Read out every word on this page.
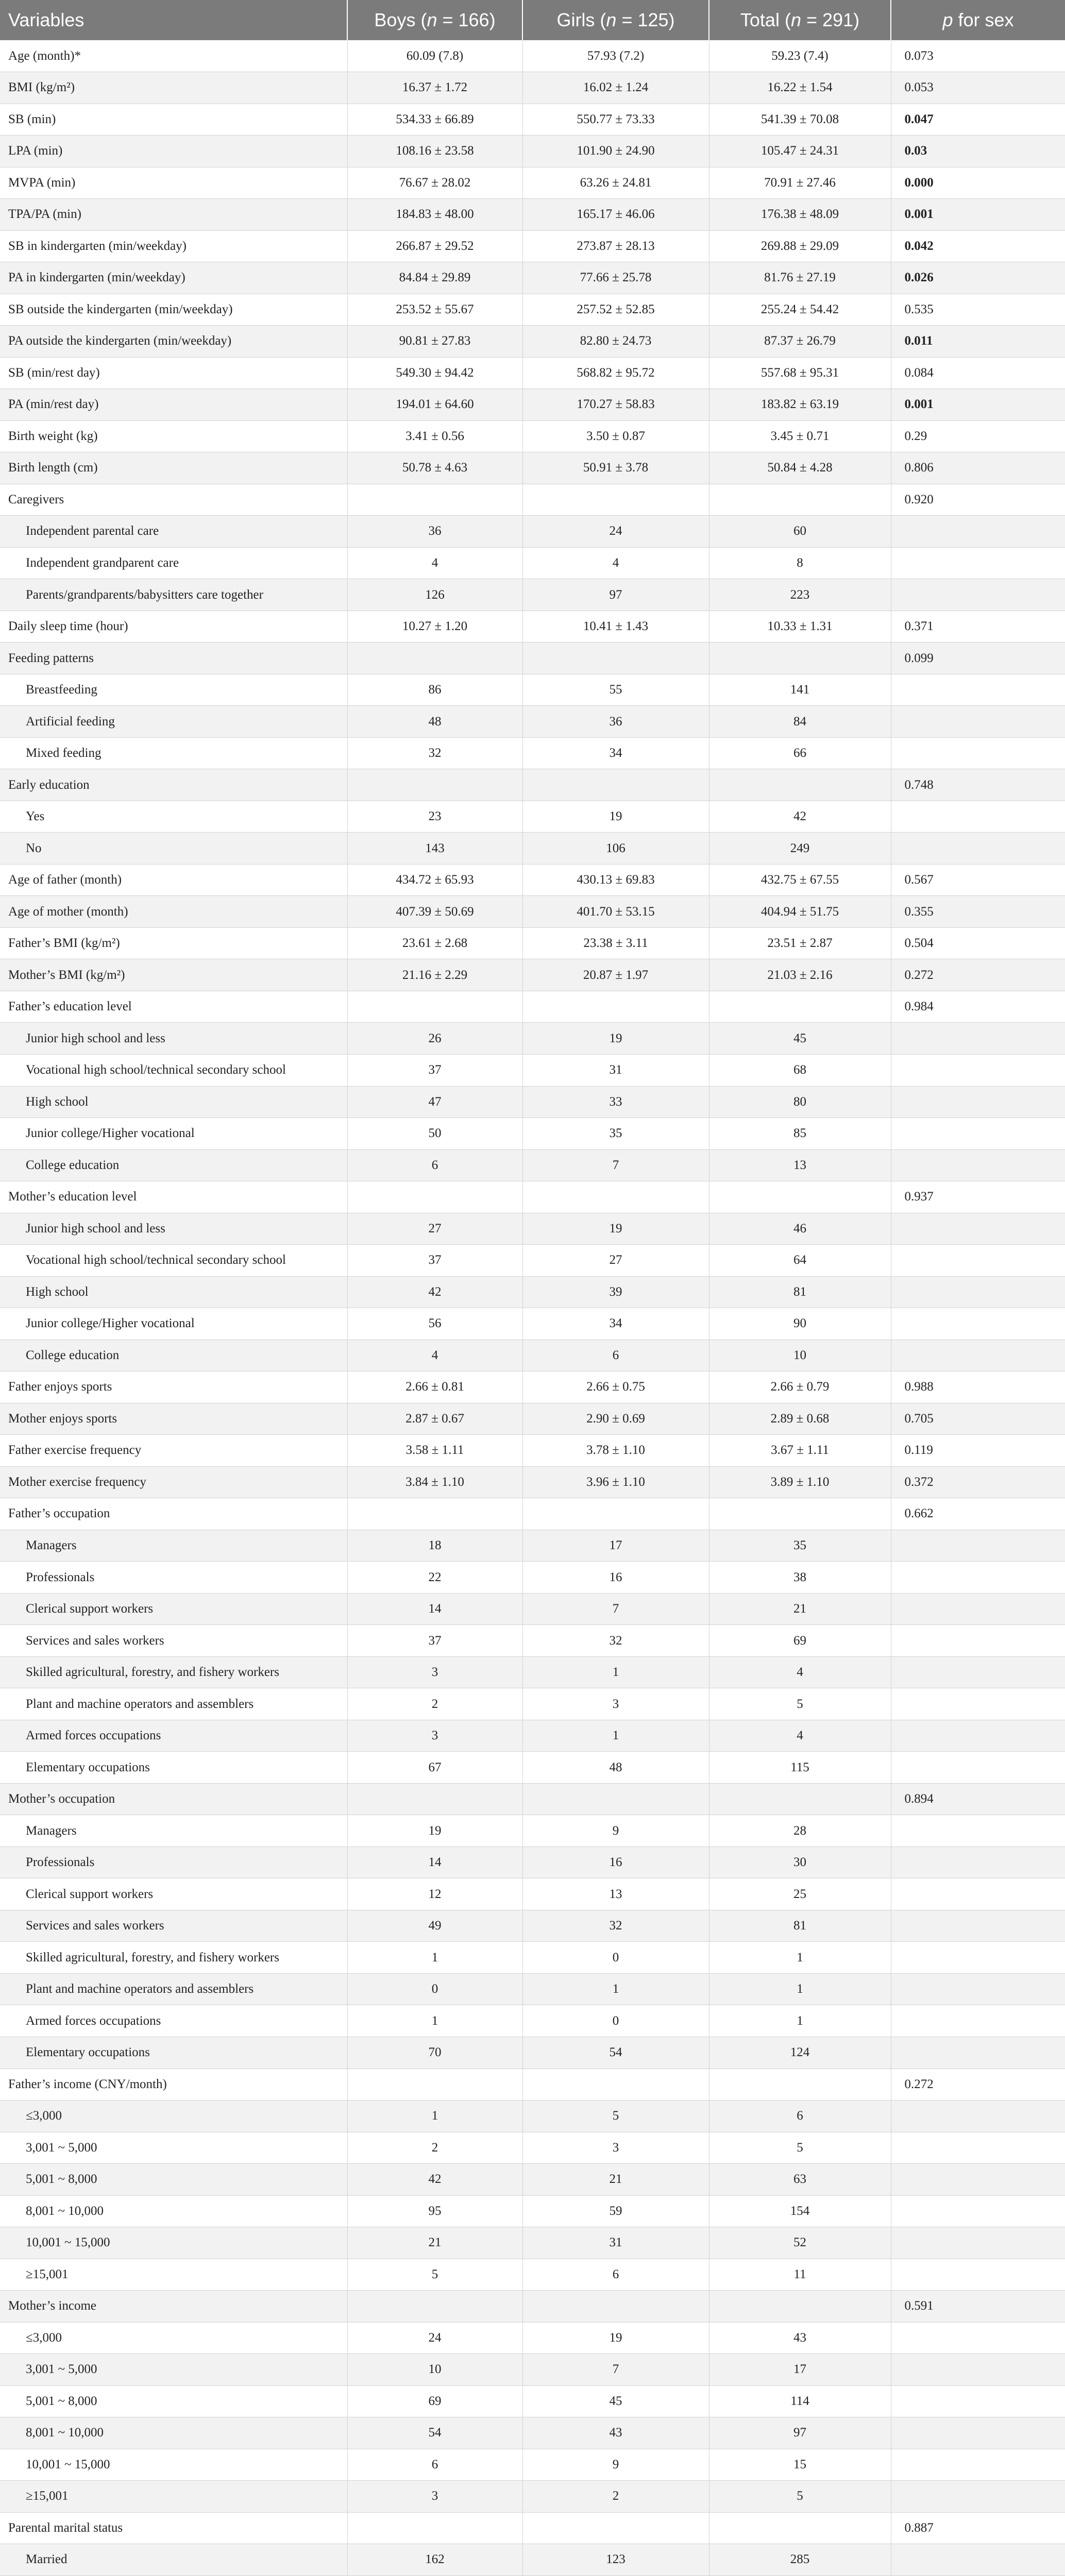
Variables	Boys (n = 166)	Girls (n = 125)	Total (n = 291)	p for sex
Age (month)*	60.09 (7.8)	57.93 (7.2)	59.23 (7.4)	0.073
BMI (kg/m²)	16.37 ± 1.72	16.02 ± 1.24	16.22 ± 1.54	0.053
SB (min)	534.33 ± 66.89	550.77 ± 73.33	541.39 ± 70.08	0.047
LPA (min)	108.16 ± 23.58	101.90 ± 24.90	105.47 ± 24.31	0.03
MVPA (min)	76.67 ± 28.02	63.26 ± 24.81	70.91 ± 27.46	0.000
TPA/PA (min)	184.83 ± 48.00	165.17 ± 46.06	176.38 ± 48.09	0.001
SB in kindergarten (min/weekday)	266.87 ± 29.52	273.87 ± 28.13	269.88 ± 29.09	0.042
PA in kindergarten (min/weekday)	84.84 ± 29.89	77.66 ± 25.78	81.76 ± 27.19	0.026
SB outside the kindergarten (min/weekday)	253.52 ± 55.67	257.52 ± 52.85	255.24 ± 54.42	0.535
PA outside the kindergarten (min/weekday)	90.81 ± 27.83	82.80 ± 24.73	87.37 ± 26.79	0.011
SB (min/rest day)	549.30 ± 94.42	568.82 ± 95.72	557.68 ± 95.31	0.084
PA (min/rest day)	194.01 ± 64.60	170.27 ± 58.83	183.82 ± 63.19	0.001
Birth weight (kg)	3.41 ± 0.56	3.50 ± 0.87	3.45 ± 0.71	0.29
Birth length (cm)	50.78 ± 4.63	50.91 ± 3.78	50.84 ± 4.28	0.806
Caregivers				0.920
Independent parental care	36	24	60	
Independent grandparent care	4	4	8	
Parents/grandparents/babysitters care together	126	97	223	
Daily sleep time (hour)	10.27 ± 1.20	10.41 ± 1.43	10.33 ± 1.31	0.371
Feeding patterns				0.099
Breastfeeding	86	55	141	
Artificial feeding	48	36	84	
Mixed feeding	32	34	66	
Early education				0.748
Yes	23	19	42	
No	143	106	249	
Age of father (month)	434.72 ± 65.93	430.13 ± 69.83	432.75 ± 67.55	0.567
Age of mother (month)	407.39 ± 50.69	401.70 ± 53.15	404.94 ± 51.75	0.355
Father’s BMI (kg/m²)	23.61 ± 2.68	23.38 ± 3.11	23.51 ± 2.87	0.504
Mother’s BMI (kg/m²)	21.16 ± 2.29	20.87 ± 1.97	21.03 ± 2.16	0.272
Father’s education level				0.984
Junior high school and less	26	19	45	
Vocational high school/technical secondary school	37	31	68	
High school	47	33	80	
Junior college/Higher vocational	50	35	85	
College education	6	7	13	
Mother’s education level				0.937
Junior high school and less	27	19	46	
Vocational high school/technical secondary school	37	27	64	
High school	42	39	81	
Junior college/Higher vocational	56	34	90	
College education	4	6	10	
Father enjoys sports	2.66 ± 0.81	2.66 ± 0.75	2.66 ± 0.79	0.988
Mother enjoys sports	2.87 ± 0.67	2.90 ± 0.69	2.89 ± 0.68	0.705
Father exercise frequency	3.58 ± 1.11	3.78 ± 1.10	3.67 ± 1.11	0.119
Mother exercise frequency	3.84 ± 1.10	3.96 ± 1.10	3.89 ± 1.10	0.372
Father’s occupation				0.662
Managers	18	17	35	
Professionals	22	16	38	
Clerical support workers	14	7	21	
Services and sales workers	37	32	69	
Skilled agricultural, forestry, and fishery workers	3	1	4	
Plant and machine operators and assemblers	2	3	5	
Armed forces occupations	3	1	4	
Elementary occupations	67	48	115	
Mother’s occupation				0.894
Managers	19	9	28	
Professionals	14	16	30	
Clerical support workers	12	13	25	
Services and sales workers	49	32	81	
Skilled agricultural, forestry, and fishery workers	1	0	1	
Plant and machine operators and assemblers	0	1	1	
Armed forces occupations	1	0	1	
Elementary occupations	70	54	124	
Father’s income (CNY/month)				0.272
≤3,000	1	5	6	
3,001 ~ 5,000	2	3	5	
5,001 ~ 8,000	42	21	63	
8,001 ~ 10,000	95	59	154	
10,001 ~ 15,000	21	31	52	
≥15,001	5	6	11	
Mother’s income				0.591
≤3,000	24	19	43	
3,001 ~ 5,000	10	7	17	
5,001 ~ 8,000	69	45	114	
8,001 ~ 10,000	54	43	97	
10,001 ~ 15,000	6	9	15	
≥15,001	3	2	5	
Parental marital status				0.887
Married	162	123	285	
